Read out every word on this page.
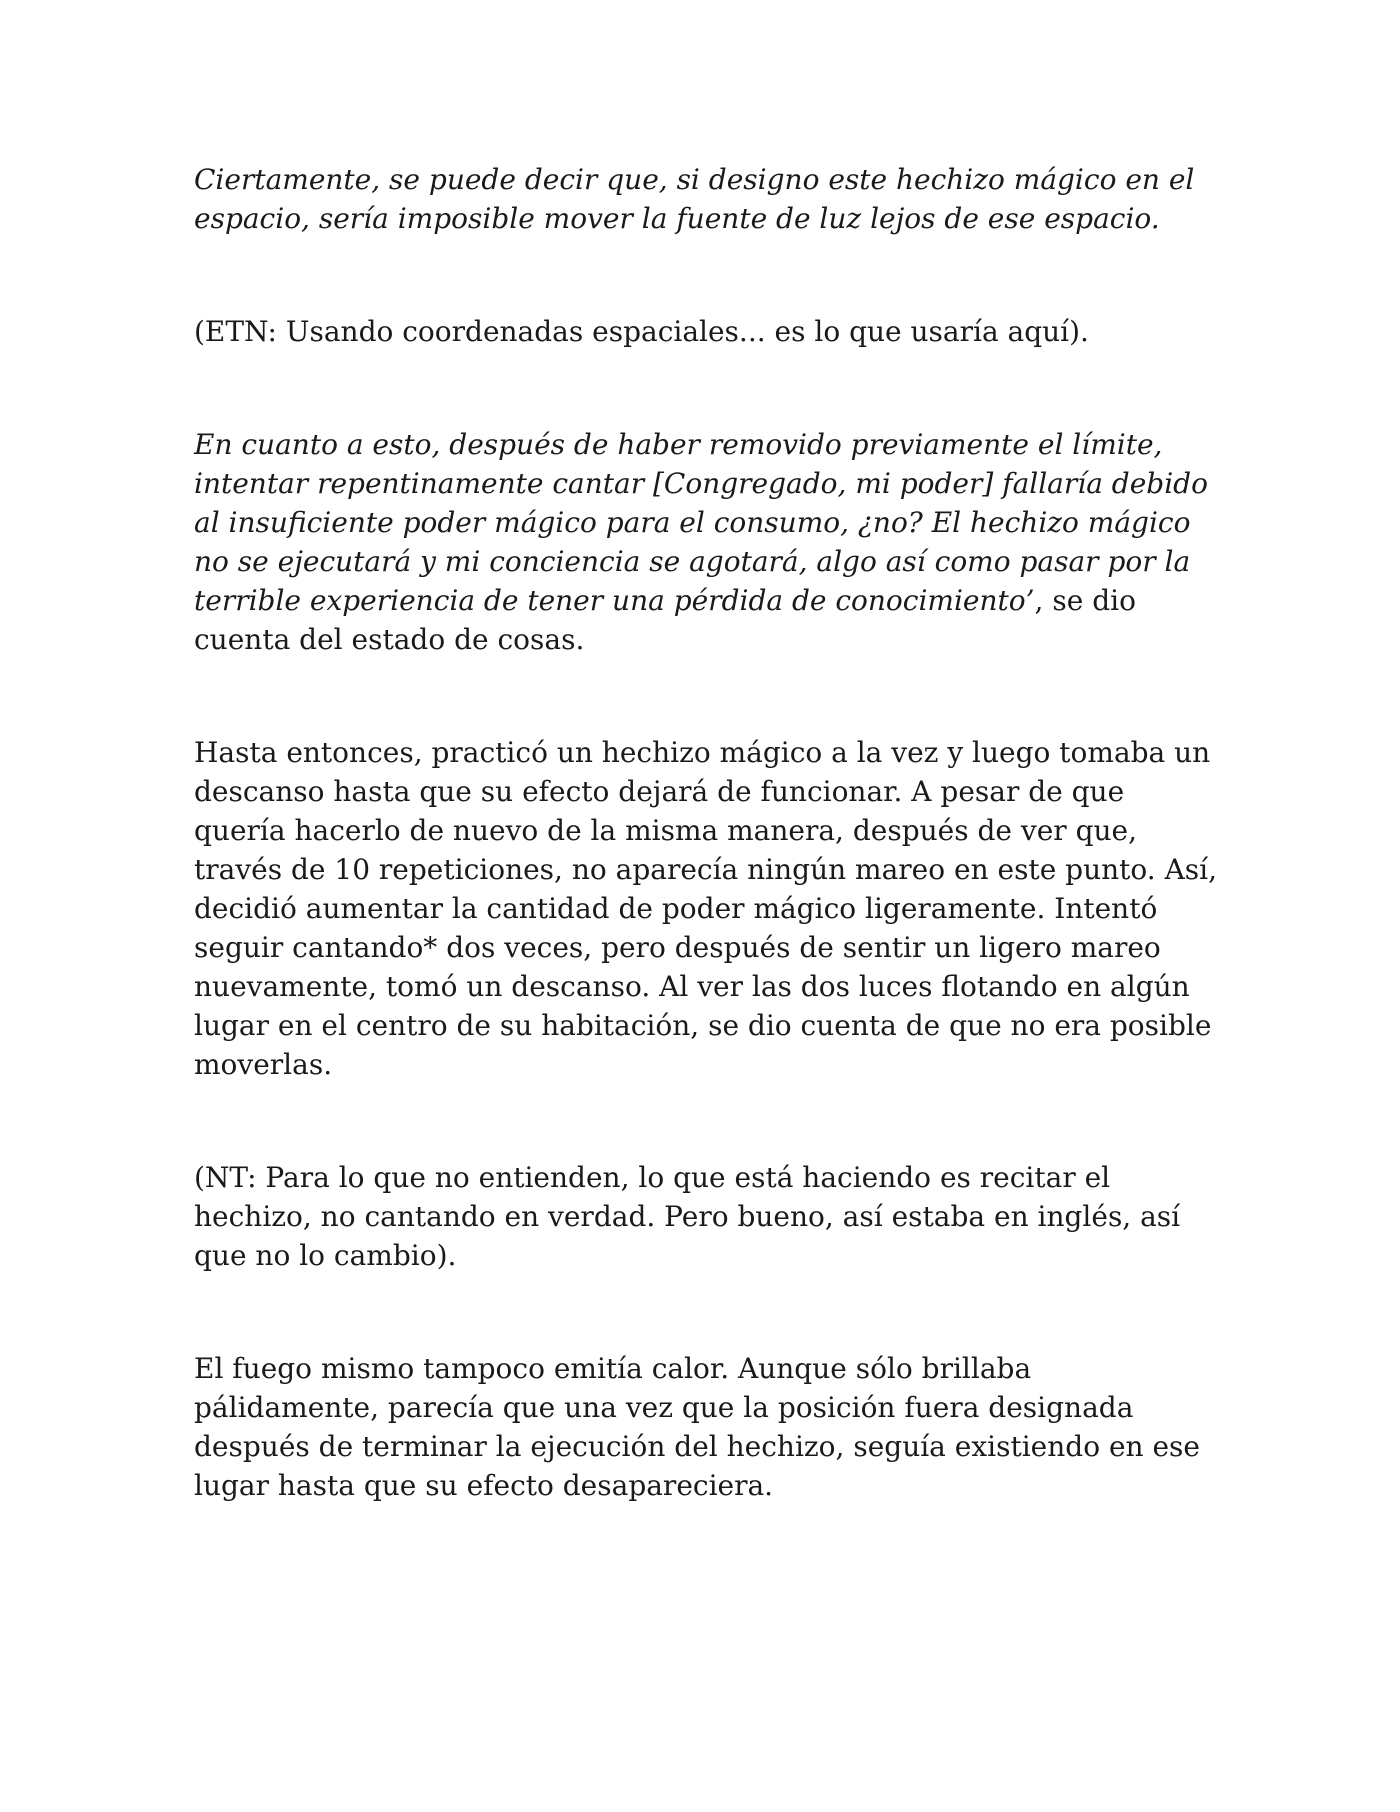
Ciertamente, se puede decir que, si designo este hechizo mágico en el espacio, sería imposible mover la fuente de luz lejos de ese espacio.

(ETN: Usando coordenadas espaciales... es lo que usaría aquí).

En cuanto a esto, después de haber removido previamente el límite, intentar repentinamente cantar [Congregado, mi poder] fallaría debido al insuficiente poder mágico para el consumo, ¿no? El hechizo mágico no se ejecutará y mi conciencia se agotará, algo así como pasar por la terrible experiencia de tener una pérdida de conocimiento’, se dio cuenta del estado de cosas.

Hasta entonces, practicó un hechizo mágico a la vez y luego tomaba un descanso hasta que su efecto dejará de funcionar. A pesar de que quería hacerlo de nuevo de la misma manera, después de ver que, través de 10 repeticiones, no aparecía ningún mareo en este punto. Así, decidió aumentar la cantidad de poder mágico ligeramente. Intentó seguir cantando* dos veces, pero después de sentir un ligero mareo nuevamente, tomó un descanso. Al ver las dos luces flotando en algún lugar en el centro de su habitación, se dio cuenta de que no era posible moverlas.

(NT: Para lo que no entienden, lo que está haciendo es recitar el hechizo, no cantando en verdad. Pero bueno, así estaba en inglés, así que no lo cambio).

El fuego mismo tampoco emitía calor. Aunque sólo brillaba pálidamente, parecía que una vez que la posición fuera designada después de terminar la ejecución del hechizo, seguía existiendo en ese lugar hasta que su efecto desapareciera.
